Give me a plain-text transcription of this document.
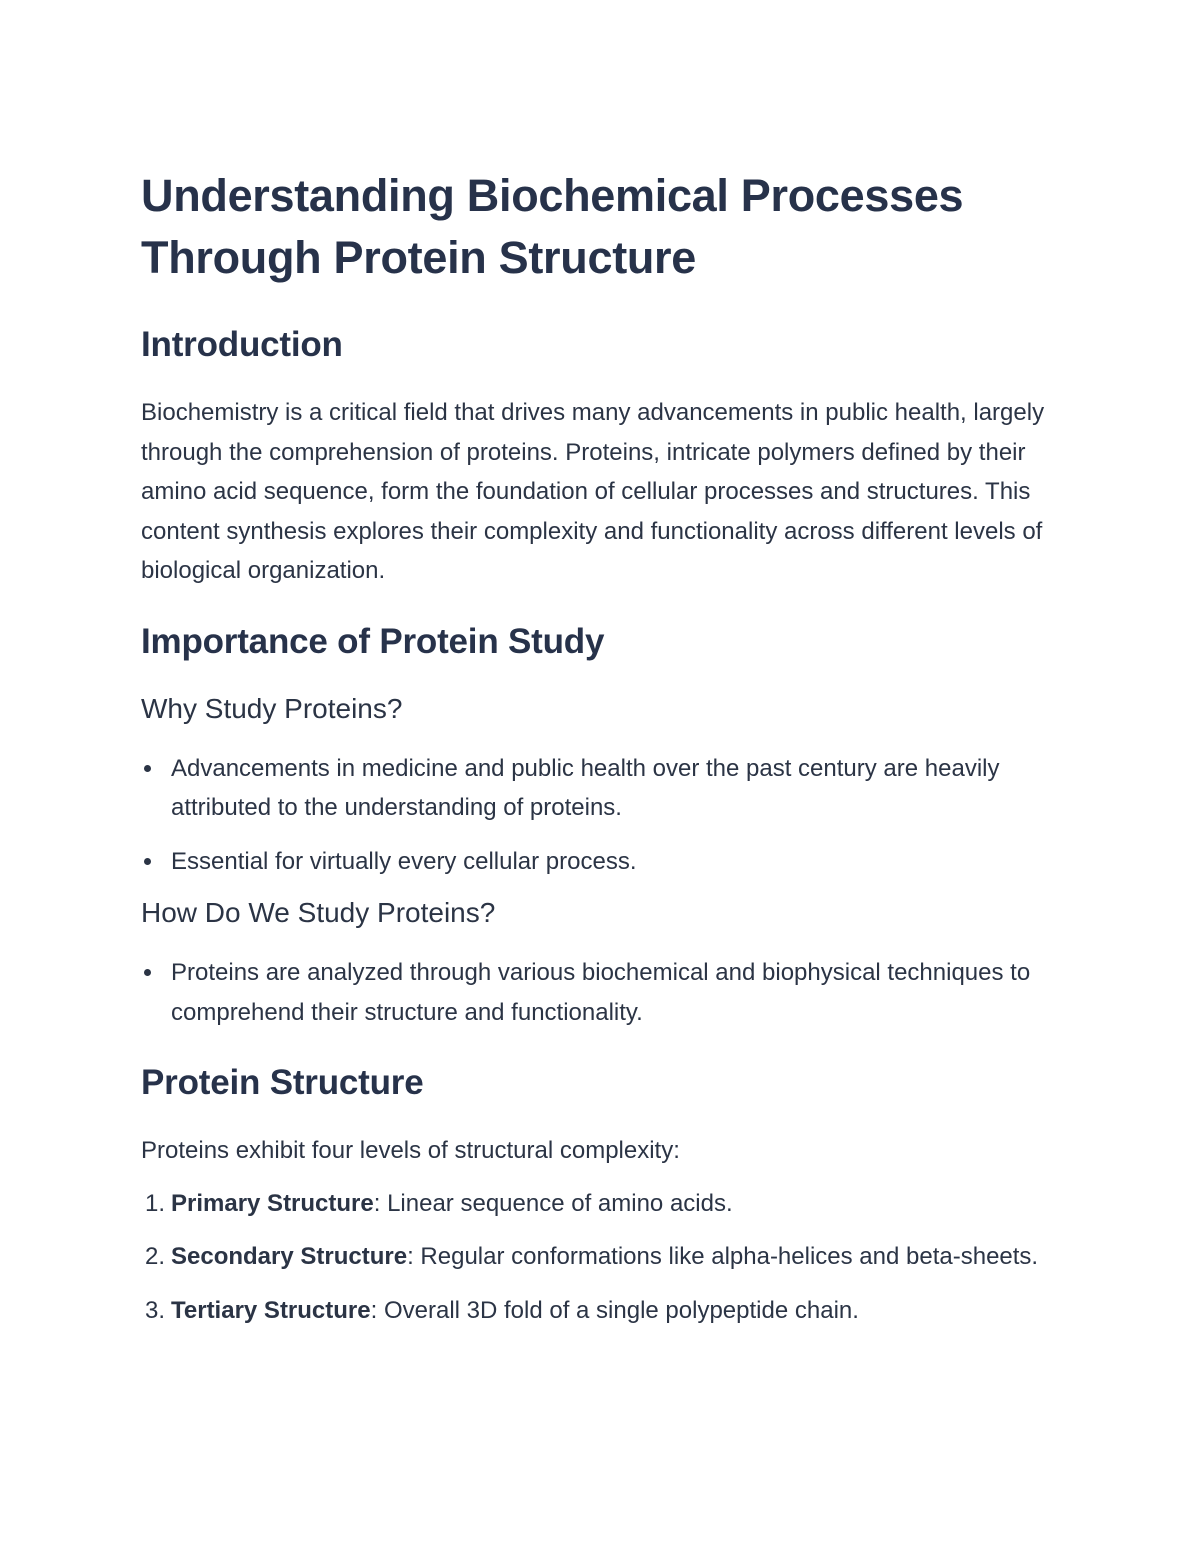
Understanding Biochemical Processes Through Protein Structure
Introduction

Biochemistry is a critical field that drives many advancements in public health, largely through the comprehension of proteins. Proteins, intricate polymers defined by their amino acid sequence, form the foundation of cellular processes and structures. This content synthesis explores their complexity and functionality across different levels of biological organization.

Importance of Protein Study
Why Study Proteins?
Advancements in medicine and public health over the past century are heavily attributed to the understanding of proteins.
Essential for virtually every cellular process.
How Do We Study Proteins?
Proteins are analyzed through various biochemical and biophysical techniques to comprehend their structure and functionality.
Protein Structure

Proteins exhibit four levels of structural complexity:

1. Primary Structure: Linear sequence of amino acids.
2. Secondary Structure: Regular conformations like alpha-helices and beta-sheets.
3. Tertiary Structure: Overall 3D fold of a single polypeptide chain.
